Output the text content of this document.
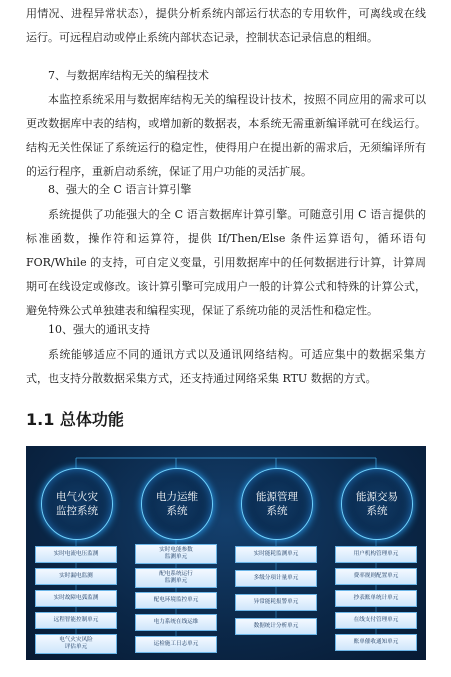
用情况、进程异常状态），提供分析系统内部运行状态的专用软件，可离线或在线运行。可远程启动或停止系统内部状态记录，控制状态记录信息的粗细。

7、与数据库结构无关的编程技术

本监控系统采用与数据库结构无关的编程设计技术，按照不同应用的需求可以更改数据库中表的结构，或增加新的数据表，本系统无需重新编译就可在线运行。结构无关性保证了系统运行的稳定性，使得用户在提出新的需求后，无须编译所有的运行程序，重新启动系统，保证了用户功能的灵活扩展。

8、强大的全 C 语言计算引擎

系统提供了功能强大的全 C 语言数据库计算引擎。可随意引用 C 语言提供的标准函数，操作符和运算符，提供 If/Then/Else 条件运算语句，循环语句 FOR/While 的支持，可自定义变量，引用数据库中的任何数据进行计算，计算周期可在线设定或修改。该计算引擎可完成用户一般的计算公式和特殊的计算公式，避免特殊公式单独建表和编程实现，保证了系统功能的灵活性和稳定性。

10、强大的通讯支持

系统能够适应不同的通讯方式以及通讯网络结构。可适应集中的数据采集方式，也支持分散数据采集方式，还支持通过网络采集 RTU 数据的方式。

1.1 总体功能
电气火灾
监控系统
实时电流电压监测
实时漏电监测
实时故障电弧监测
远程智能控制单元
电气火灾风险
评估单元
电力运维
系统
实时电能参数
监测单元
配电系统运行
监测单元
配电环境监控单元
电力系统在线运维
运检施工日志单元
能源管理
系统
实时能耗监测单元
多级分项计量单元
异常能耗报警单元
数据统计分析单元
能源交易
系统
用户机构管理单元
费率规则配置单元
抄表账单统计单元
在线支付管理单元
账单催收通知单元
